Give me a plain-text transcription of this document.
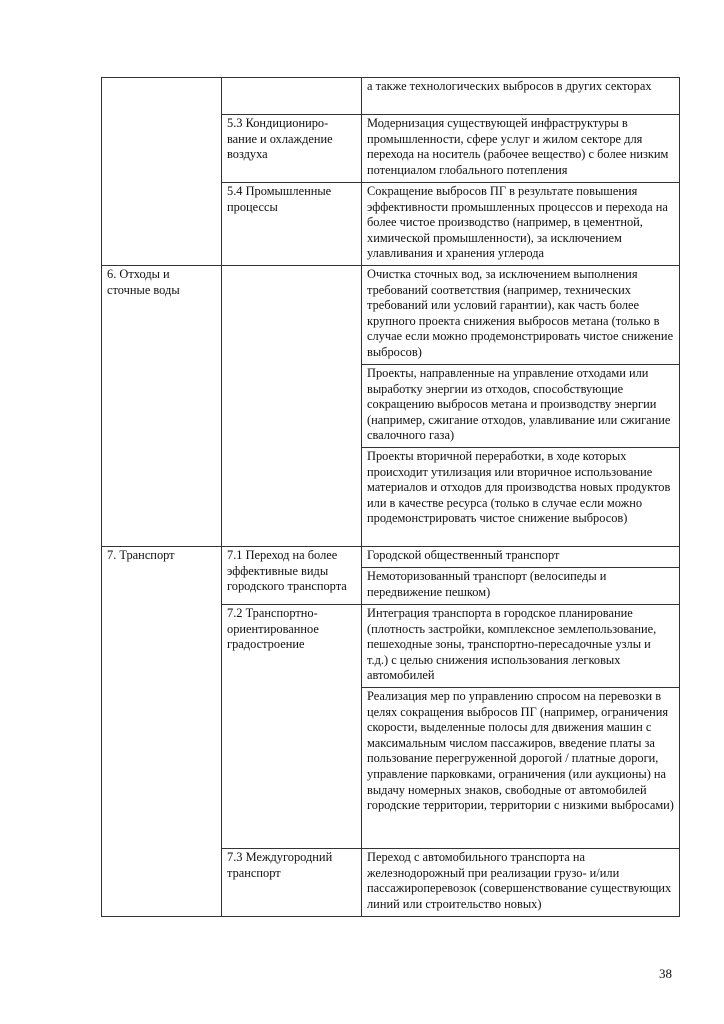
		а также технологических выбросов в других секторах

	5.3 Кондициониро-вание и охлаждение воздуха	Модернизация существующей инфраструктуры в промышленности, сфере услуг и жилом секторе для перехода на носитель (рабочее вещество) с более низким потенциалом глобального потепления

	5.4 Промышленные процессы	Сокращение выбросов ПГ в результате повышения эффективности промышленных процессов и перехода на более чистое производство (например, в цементной, химической промышленности), за исключением улавливания и хранения углерода

6. Отходы и сточные воды		Очистка сточных вод, за исключением выполнения требований соответствия (например, технических требований или условий гарантии), как часть более крупного проекта снижения выбросов метана (только в случае если можно продемонстрировать чистое снижение выбросов)

		Проекты, направленные на управление отходами или выработку энергии из отходов, способствующие сокращению выбросов метана и производству энергии (например, сжигание отходов, улавливание или сжигание свалочного газа)

		Проекты вторичной переработки, в ходе которых происходит утилизация или вторичное использование материалов и отходов для производства новых продуктов или в качестве ресурса (только в случае если можно продемонстрировать чистое снижение выбросов)

7. Транспорт	7.1 Переход на более эффективные виды городского транспорта	Городской общественный транспорт

		Немоторизованный транспорт (велосипеды и передвижение пешком)

	7.2 Транспортно-ориентированное градостроение	Интеграция транспорта в городское планирование (плотность застройки, комплексное землепользование, пешеходные зоны, транспортно-пересадочные узлы и т.д.) с целью снижения использования легковых автомобилей

		Реализация мер по управлению спросом на перевозки в целях сокращения выбросов ПГ (например, ограничения скорости, выделенные полосы для движения машин с максимальным числом пассажиров, введение платы за пользование перегруженной дорогой / платные дороги, управление парковками, ограничения (или аукционы) на выдачу номерных знаков, свободные от автомобилей городские территории, территории с низкими выбросами)

	7.3 Междугородний транспорт	Переход с автомобильного транспорта на железнодорожный при реализации грузо- и/или пассажироперевозок (совершенствование существующих линий или строительство новых)
38
